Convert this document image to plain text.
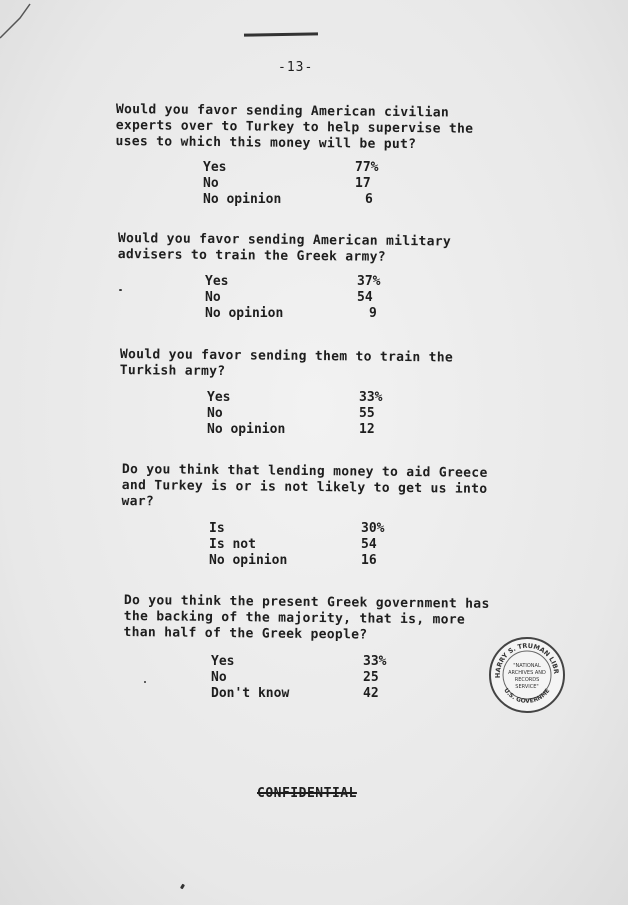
-13-
Would you favor sending American civilian
experts over to Turkey to help supervise the
uses to which this money will be put?
Yes	77%
No	17
No opinion	6
Would you favor sending American military
advisers to train the Greek army?
Yes	37%
No	54
No opinion	9
Would you favor sending them to train the
Turkish army?
Yes	33%
No	55
No opinion	12
Do you think that lending money to aid Greece
and Turkey is or is not likely to get us into
war?
Is	30%
Is not	54
No opinion	16
Do you think the present Greek government has
the backing of the majority, that is, more
than half of the Greek people?
Yes	33%
No	25
Don't know	42
HARRY S. TRUMAN LIBR
U.S. GOVERNME
"NATIONAL
ARCHIVES AND
RECORDS
SERVICE"
CONFIDENTIAL
